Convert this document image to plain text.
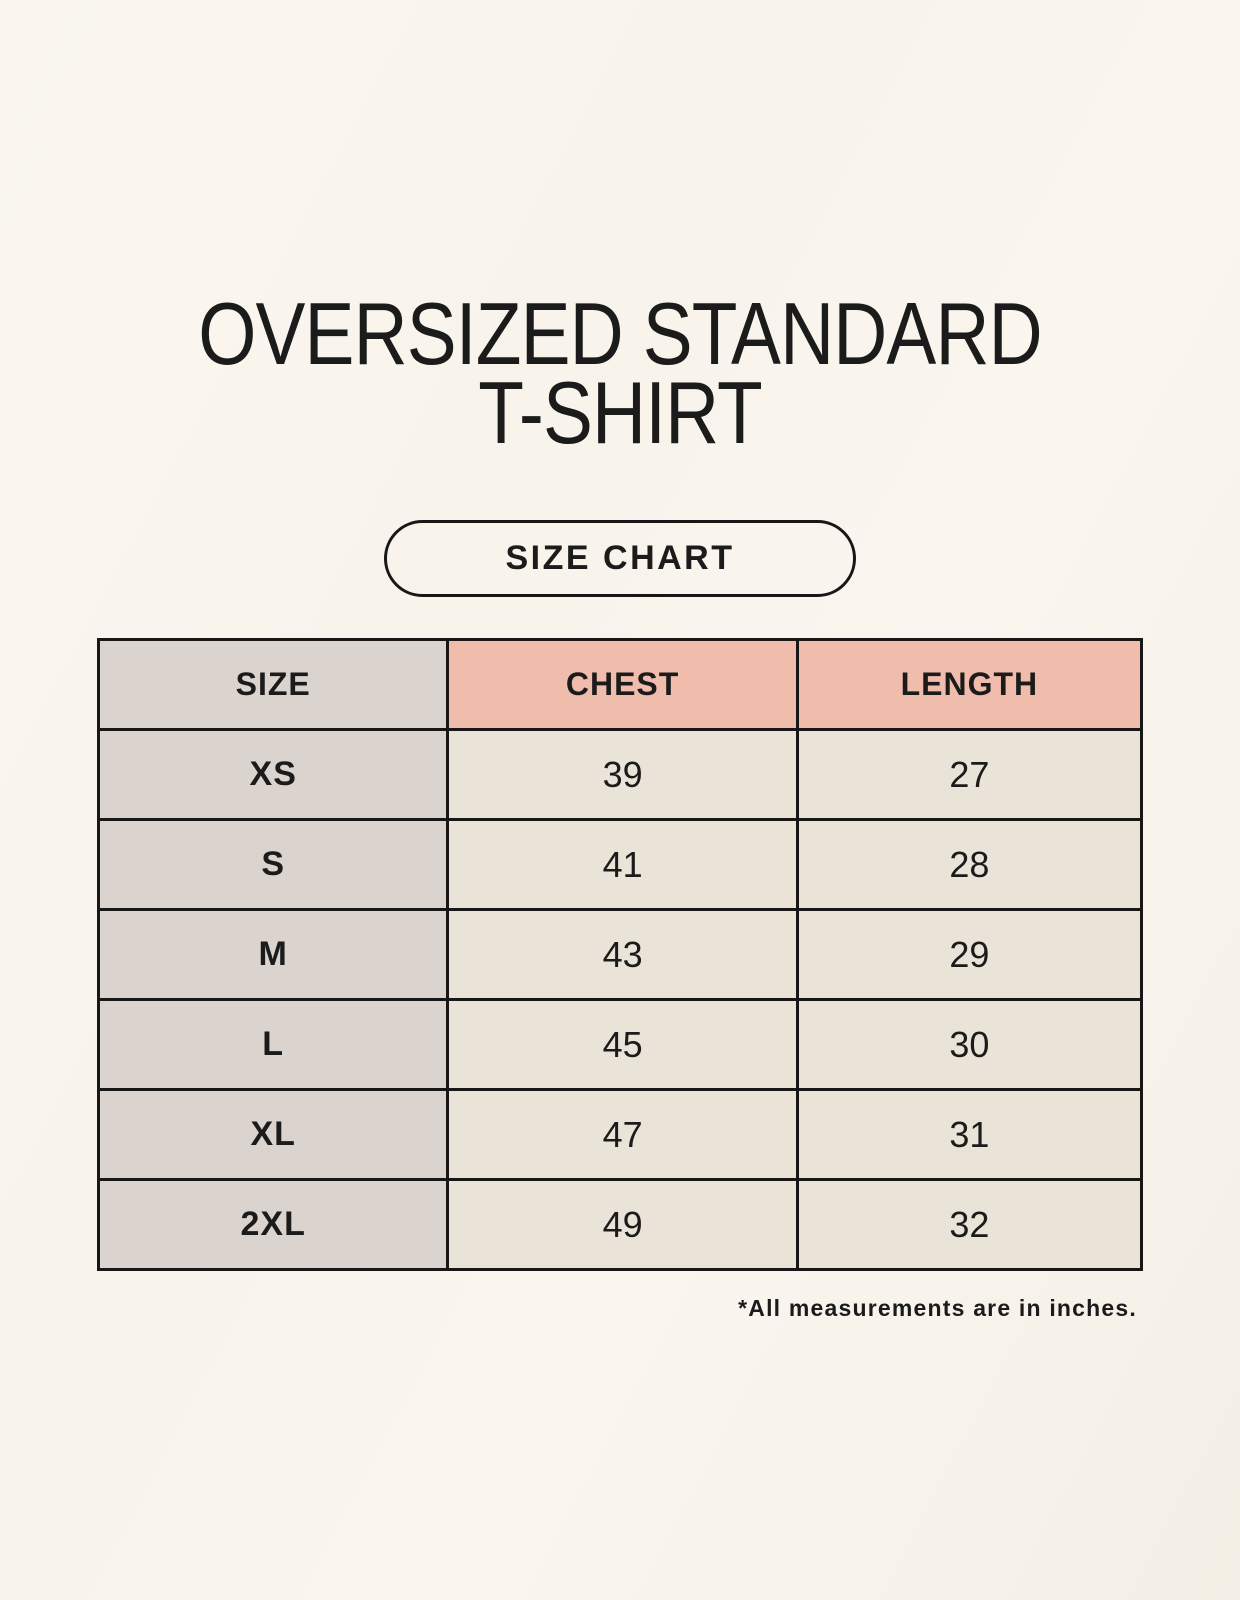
OVERSIZED STANDARD
T-SHIRT
SIZE CHART
SIZE	CHEST	LENGTH
XS	39	27
S	41	28
M	43	29
L	45	30
XL	47	31
2XL	49	32
*All measurements are in inches.
